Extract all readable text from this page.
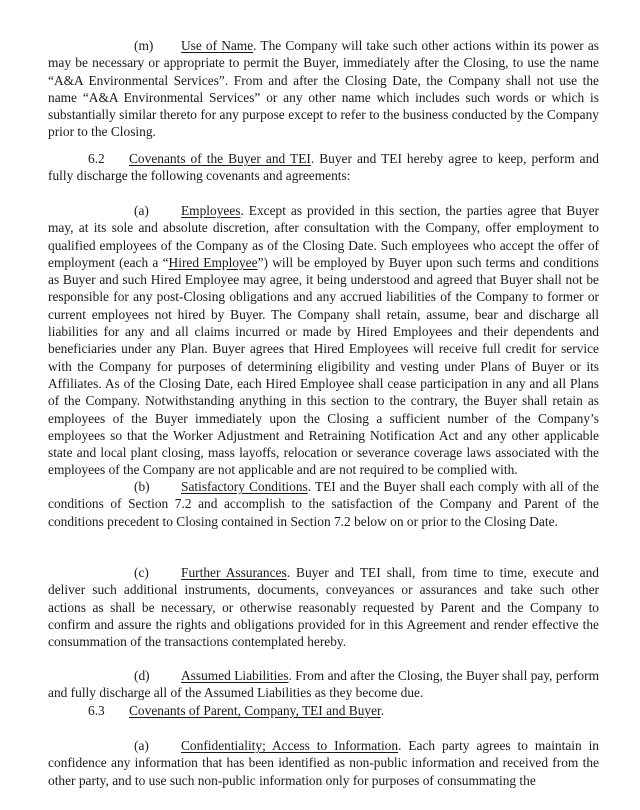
(m) Use of Name. The Company will take such other actions within its power as may be necessary or appropriate to permit the Buyer, immediately after the Closing, to use the name “A&A Environmental Services”. From and after the Closing Date, the Company shall not use the name “A&A Environmental Services” or any other name which includes such words or which is substantially similar thereto for any purpose except to refer to the business conducted by the Company prior to the Closing.

6.2 Covenants of the Buyer and TEI. Buyer and TEI hereby agree to keep, perform and fully discharge the following covenants and agreements:

(a) Employees. Except as provided in this section, the parties agree that Buyer may, at its sole and absolute discretion, after consultation with the Company, offer employment to qualified employees of the Company as of the Closing Date. Such employees who accept the offer of employment (each a “Hired Employee”) will be employed by Buyer upon such terms and conditions as Buyer and such Hired Employee may agree, it being understood and agreed that Buyer shall not be responsible for any post-Closing obligations and any accrued liabilities of the Company to former or current employees not hired by Buyer. The Company shall retain, assume, bear and discharge all liabilities for any and all claims incurred or made by Hired Employees and their dependents and beneficiaries under any Plan. Buyer agrees that Hired Employees will receive full credit for service with the Company for purposes of determining eligibility and vesting under Plans of Buyer or its Affiliates. As of the Closing Date, each Hired Employee shall cease participation in any and all Plans of the Company. Notwithstanding anything in this section to the contrary, the Buyer shall retain as employees of the Buyer immediately upon the Closing a sufficient number of the Company’s employees so that the Worker Adjustment and Retraining Notification Act and any other applicable state and local plant closing, mass layoffs, relocation or severance coverage laws associated with the employees of the Company are not applicable and are not required to be complied with.

(b) Satisfactory Conditions. TEI and the Buyer shall each comply with all of the conditions of Section 7.2 and accomplish to the satisfaction of the Company and Parent of the conditions precedent to Closing contained in Section 7.2 below on or prior to the Closing Date.

(c) Further Assurances. Buyer and TEI shall, from time to time, execute and deliver such additional instruments, documents, conveyances or assurances and take such other actions as shall be necessary, or otherwise reasonably requested by Parent and the Company to confirm and assure the rights and obligations provided for in this Agreement and render effective the consummation of the transactions contemplated hereby.

(d) Assumed Liabilities. From and after the Closing, the Buyer shall pay, perform and fully discharge all of the Assumed Liabilities as they become due.

6.3 Covenants of Parent, Company, TEI and Buyer.

(a) Confidentiality; Access to Information. Each party agrees to maintain in confidence any information that has been identified as non-public information and received from the other party, and to use such non-public information only for purposes of consummating the
